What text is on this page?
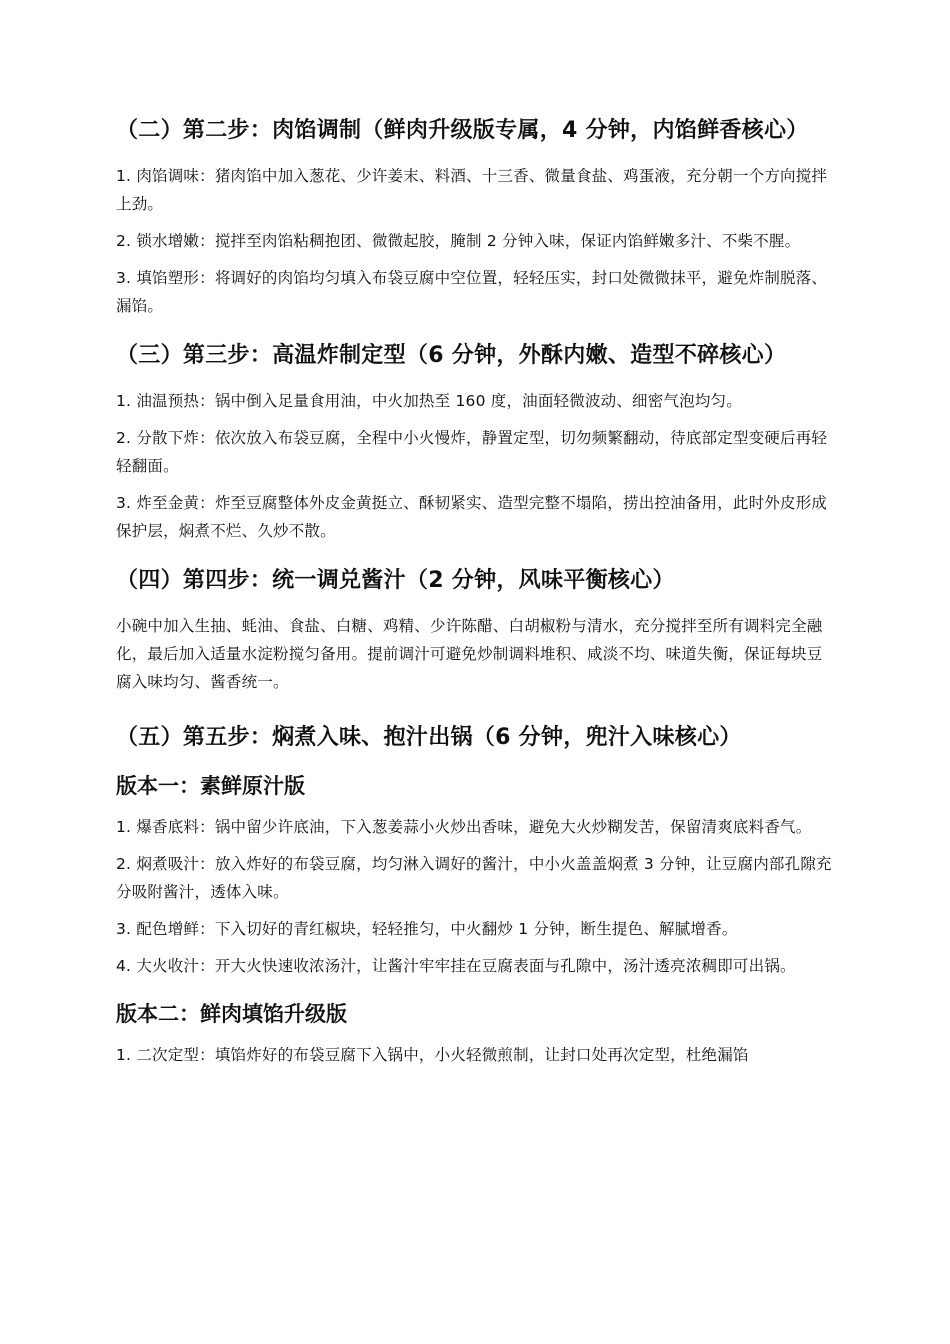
（二）第二步：肉馅调制（鲜肉升级版专属，4 分钟，内馅鲜香核心）

1. 肉馅调味：猪肉馅中加入葱花、少许姜末、料酒、十三香、微量食盐、鸡蛋液，充分朝一个方向搅拌上劲。

2. 锁水增嫩：搅拌至肉馅粘稠抱团、微微起胶，腌制 2 分钟入味，保证内馅鲜嫩多汁、不柴不腥。

3. 填馅塑形：将调好的肉馅均匀填入布袋豆腐中空位置，轻轻压实，封口处微微抹平，避免炸制脱落、漏馅。

（三）第三步：高温炸制定型（6 分钟，外酥内嫩、造型不碎核心）

1. 油温预热：锅中倒入足量食用油，中火加热至 160 度，油面轻微波动、细密气泡均匀。

2. 分散下炸：依次放入布袋豆腐，全程中小火慢炸，静置定型，切勿频繁翻动，待底部定型变硬后再轻轻翻面。

3. 炸至金黄：炸至豆腐整体外皮金黄挺立、酥韧紧实、造型完整不塌陷，捞出控油备用，此时外皮形成保护层，焖煮不烂、久炒不散。

（四）第四步：统一调兑酱汁（2 分钟，风味平衡核心）

小碗中加入生抽、蚝油、食盐、白糖、鸡精、少许陈醋、白胡椒粉与清水，充分搅拌至所有调料完全融化，最后加入适量水淀粉搅匀备用。提前调汁可避免炒制调料堆积、咸淡不均、味道失衡，保证每块豆腐入味均匀、酱香统一。

（五）第五步：焖煮入味、抱汁出锅（6 分钟，兜汁入味核心）
版本一：素鲜原汁版

1. 爆香底料：锅中留少许底油，下入葱姜蒜小火炒出香味，避免大火炒糊发苦，保留清爽底料香气。

2. 焖煮吸汁：放入炸好的布袋豆腐，均匀淋入调好的酱汁，中小火盖盖焖煮 3 分钟，让豆腐内部孔隙充分吸附酱汁，透体入味。

3. 配色增鲜：下入切好的青红椒块，轻轻推匀，中火翻炒 1 分钟，断生提色、解腻增香。

4. 大火收汁：开大火快速收浓汤汁，让酱汁牢牢挂在豆腐表面与孔隙中，汤汁透亮浓稠即可出锅。

版本二：鲜肉填馅升级版

1. 二次定型：填馅炸好的布袋豆腐下入锅中，小火轻微煎制，让封口处再次定型，杜绝漏馅
